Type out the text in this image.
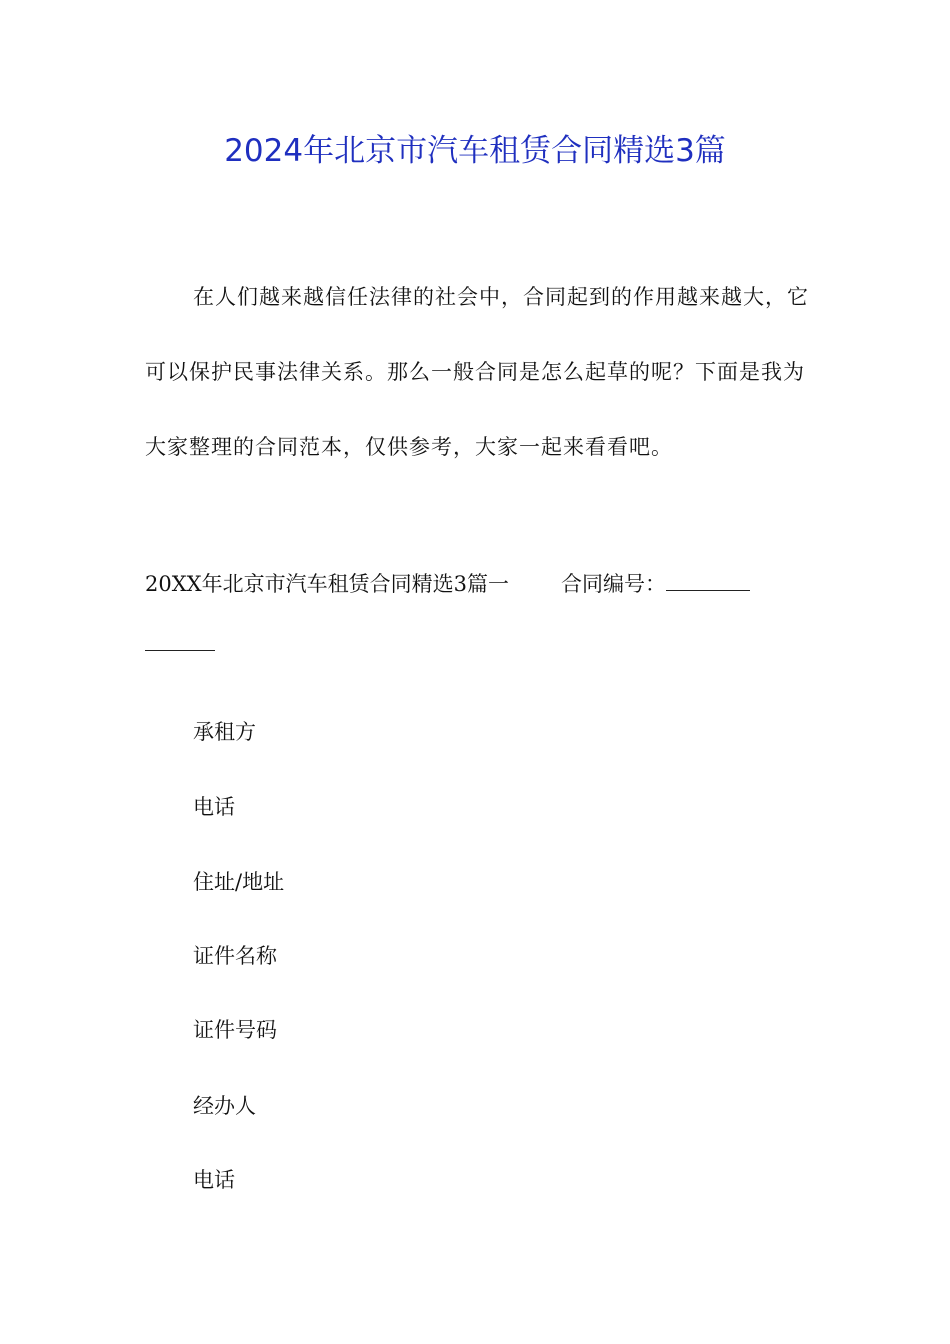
2024年北京市汽车租赁合同精选3篇

在人们越来越信任法律的社会中，合同起到的作用越来越大，它可以保护民事法律关系。那么一般合同是怎么起草的呢？下面是我为大家整理的合同范本，仅供参考，大家一起来看看吧。

20XX年北京市汽车租赁合同精选3篇一 合同编号：
承租方
电话
住址/地址
证件名称
证件号码
经办人
电话
